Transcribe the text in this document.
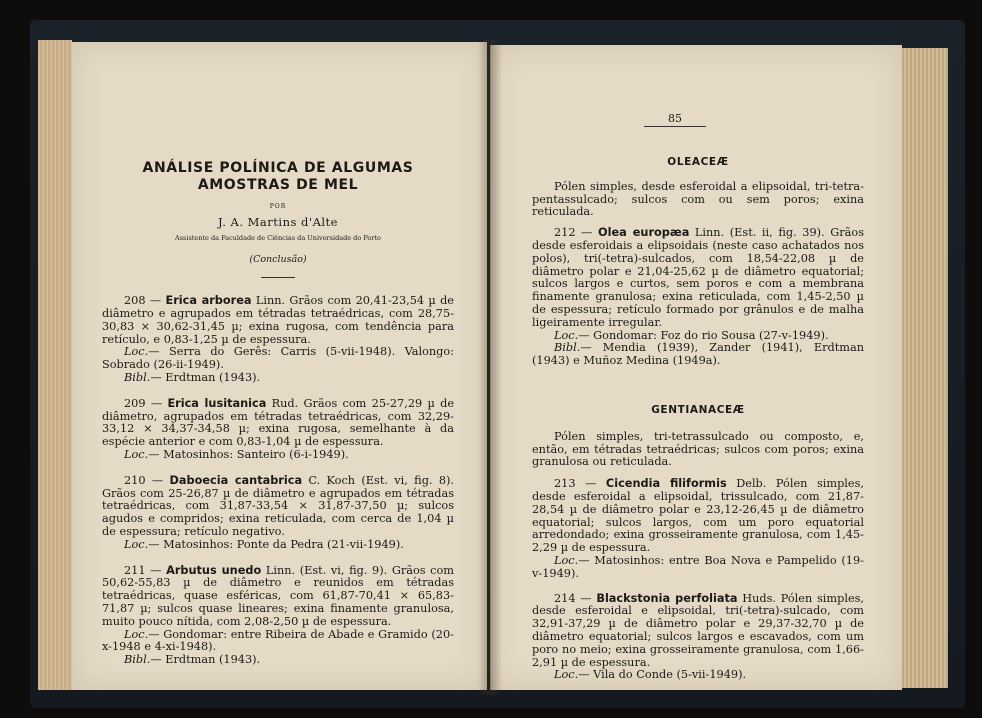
ANÁLISE POLÍNICA DE ALGUMAS
AMOSTRAS DE MEL
POR
J. A. Martins d'Alte
Assistente da Faculdade de Ciências da Universidade do Porto
(Conclusão)

208 — Erica arborea Linn. Grãos com 20,41-23,54 µ de diâmetro e agrupados em tétradas tetraédricas, com 28,75-30,83 × 30,62-31,45 µ; exina rugosa, com tendência para retículo, e 0,83-1,25 µ de espessura.

Loc.— Serra do Gerês: Carris (5-vii-1948). Valongo: Sobrado (26-ii-1949).

Bibl.— Erdtman (1943).

209 — Erica lusitanica Rud. Grãos com 25-27,29 µ de diâmetro, agrupados em tétradas tetraédricas, com 32,29-33,12 × 34,37-34,58 µ; exina rugosa, semelhante à da espécie anterior e com 0,83-1,04 µ de espessura.

Loc.— Matosinhos: Santeiro (6-i-1949).

210 — Daboecia cantabrica C. Koch (Est. vi, fig. 8). Grãos com 25-26,87 µ de diâmetro e agrupados em tétradas tetraédricas, com 31,87-33,54 × 31,87-37,50 µ; sulcos agudos e compridos; exina reticulada, com cerca de 1,04 µ de espessura; retículo negativo.

Loc.— Matosinhos: Ponte da Pedra (21-vii-1949).

211 — Arbutus unedo Linn. (Est. vi, fig. 9). Grãos com 50,62-55,83 µ de diâmetro e reunidos em tétradas tetraédricas, quase esféricas, com 61,87-70,41 × 65,83-71,87 µ; sulcos quase lineares; exina finamente granulosa, muito pouco nítida, com 2,08-2,50 µ de espessura.

Loc.— Gondomar: entre Ribeira de Abade e Gramido (20-x-1948 e 4-xi-1948).

Bibl.— Erdtman (1943).

85
OLEACEÆ

Pólen simples, desde esferoidal a elipsoidal, tri-tetra-pentassulcado; sulcos com ou sem poros; exina reticulada.

212 — Olea europæa Linn. (Est. ii, fig. 39). Grãos desde esferoidais a elipsoidais (neste caso achatados nos polos), tri(-tetra)-sulcados, com 18,54-22,08 µ de diâmetro polar e 21,04-25,62 µ de diâmetro equatorial; sulcos largos e curtos, sem poros e com a membrana finamente granulosa; exina reticulada, com 1,45-2,50 µ de espessura; retículo formado por grânulos e de malha ligeiramente irregular.

Loc.— Gondomar: Foz do rio Sousa (27-v-1949).

Bibl.— Mendia (1939), Zander (1941), Erdtman (1943) e Muñoz Medina (1949a).

GENTIANACEÆ

Pólen simples, tri-tetrassulcado ou composto, e, então, em tétradas tetraédricas; sulcos com poros; exina granulosa ou reticulada.

213 — Cicendia filiformis Delb. Pólen simples, desde esferoidal a elipsoidal, trissulcado, com 21,87-28,54 µ de diâmetro polar e 23,12-26,45 µ de diâmetro equatorial; sulcos largos, com um poro equatorial arredondado; exina grosseiramente granulosa, com 1,45-2,29 µ de espessura.

Loc.— Matosinhos: entre Boa Nova e Pampelido (19-v-1949).

214 — Blackstonia perfoliata Huds. Pólen simples, desde esferoidal e elipsoidal, tri(-tetra)-sulcado, com 32,91-37,29 µ de diâmetro polar e 29,37-32,70 µ de diâmetro equatorial; sulcos largos e escavados, com um poro no meio; exina grosseiramente granulosa, com 1,66-2,91 µ de espessura.

Loc.— Vila do Conde (5-vii-1949).
